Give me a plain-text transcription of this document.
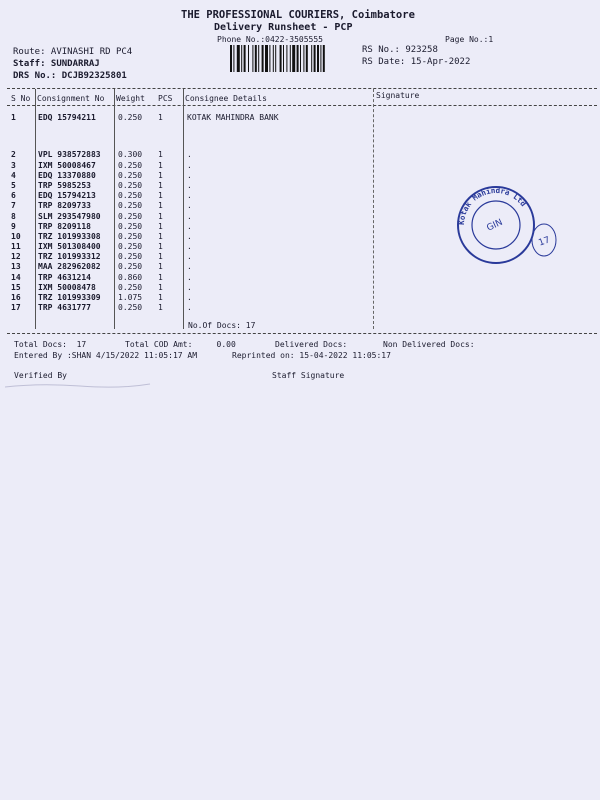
THE PROFESSIONAL COURIERS, Coimbatore
Delivery Runsheet - PCP
Phone No.:0422-3505555	Page No.:1
Route: AVINASHI RD PC4
Staff: SUNDARRAJ
DRS No.: DCJB92325801
RS No.: 923258
RS Date: 15-Apr-2022
S No Consignment No Weight PCS Consignee Details	Signature
1	EDQ 15794211	0.250 1	KOTAK MAHINDRA BANK
2	VPL 938572883 0.300 1	.
3	IXM 50008467	0.250 1	.
4	EDQ 13370880	0.250 1	.
5	TRP 5985253	0.250 1	.
6	EDQ 15794213	0.250 1	.
7	TRP 8209733	0.250 1	.
8	SLM 293547980 0.250 1	.
9	TRP 8209118	0.250 1	.
10 TRZ 101993308 0.250 1	.
11 IXM 501308400 0.250 1	.
12 TRZ 101993312 0.250 1	.
13 MAA 282962082 0.250 1	.
14 TRP 4631214	0.860 1	.
15 IXM 50008478	0.250 1	.
16 TRZ 101993309 1.075 1	.
17 TRP 4631777	0.250 1	.
No.Of Docs: 17
Total Docs:  17	Total COD Amt:     0.00	Delivered Docs:	Non Delivered Docs:
Entered By :SHAN 4/15/2022 11:05:17 AM	Reprinted on: 15-04-2022 11:05:17
Verified By	Staff Signature
Kotak Mahindra Ltd
GIN
17
